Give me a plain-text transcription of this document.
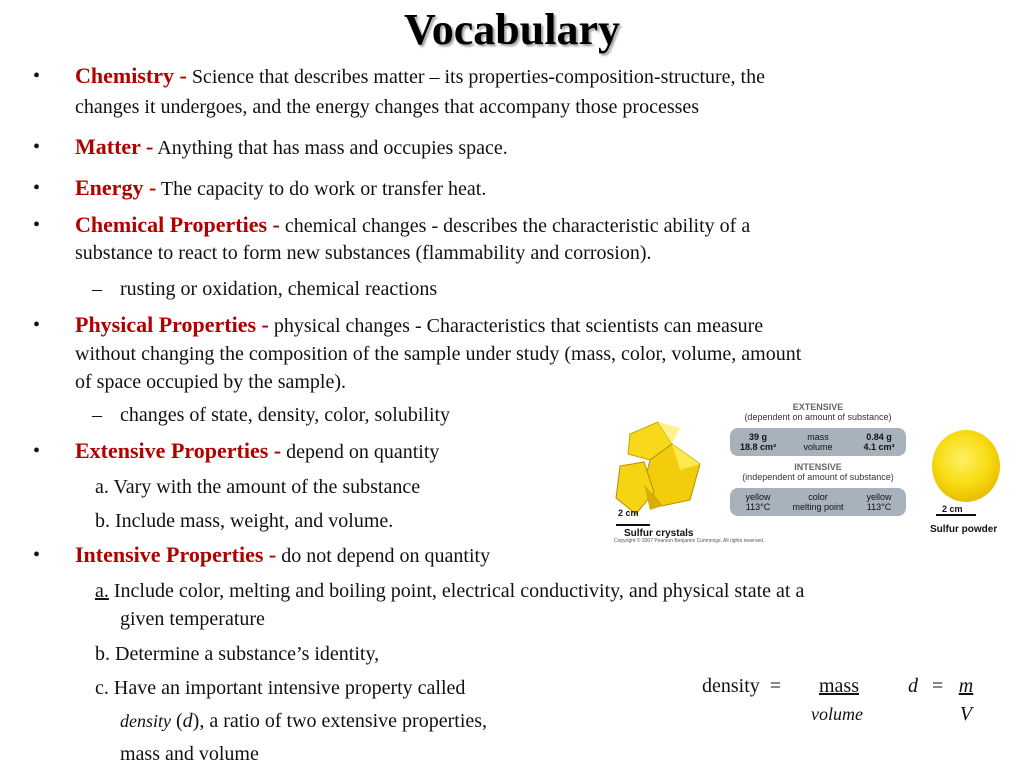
Vocabulary
• Chemistry - Science that describes matter – its properties-composition-structure, the
changes it undergoes, and the energy changes that accompany those processes
• Matter - Anything that has mass and occupies space.
• Energy - The capacity to do work or transfer heat.
• Chemical Properties - chemical changes - describes the characteristic ability of a
substance to react to form new substances (flammability and corrosion).
– rusting or oxidation, chemical reactions
• Physical Properties - physical changes - Characteristics that scientists can measure
without changing the composition of the sample under study (mass, color, volume, amount
of space occupied by the sample).
– changes of state, density, color, solubility
• Extensive Properties - depend on quantity
a. Vary with the amount of the substance
b. Include mass, weight, and volume.
• Intensive Properties - do not depend on quantity
a. Include color, melting and boiling point, electrical conductivity, and physical state at a
given temperature
b. Determine a substance’s identity,
c. Have an important intensive property called
density (d), a ratio of two extensive properties,
mass and volume
2 cm
Sulfur crystals
EXTENSIVE
(dependent on amount of substance)
39 g
18.8 cm³
mass
volume
0.84 g
4.1 cm³
INTENSIVE
(independent of amount of substance)
yellow
113°C
color
melting point
yellow
113°C	2 cm
Sulfur powder
Copyright © 2007 Pearson Benjamin Cummings. All rights reserved.
density =	mass
volume
d = m
V
